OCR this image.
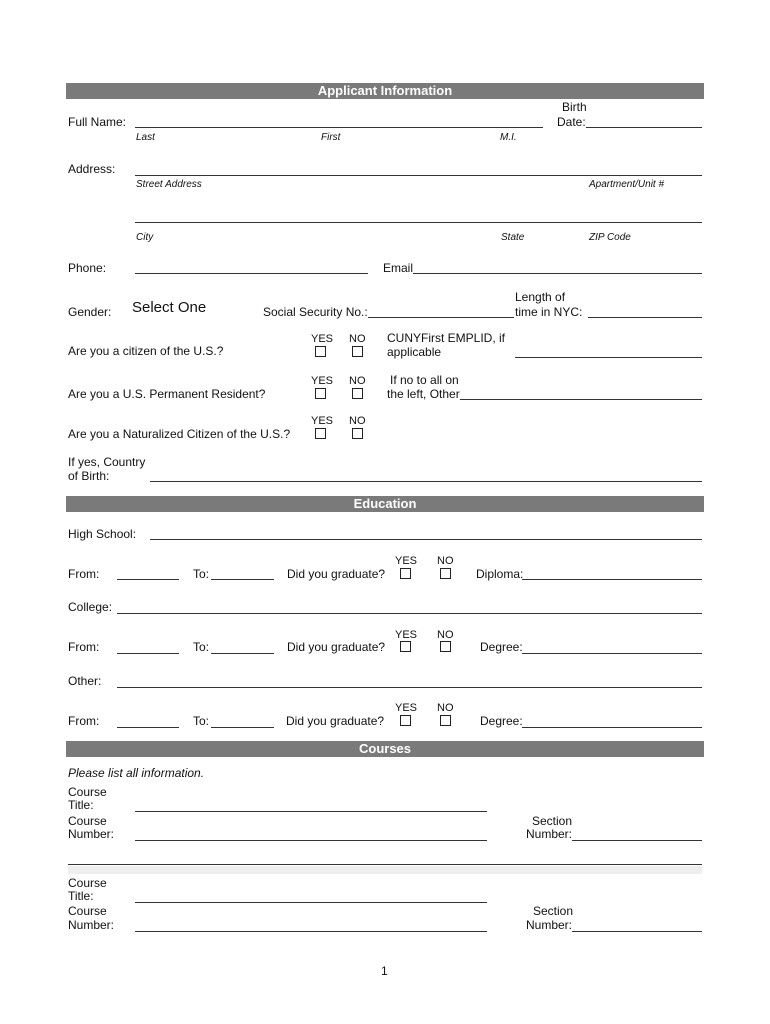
Applicant Information
Full Name:
Last	First	M.I.
Birth
Date:
Address:
Street Address	Apartment/Unit #
City	State	ZIP Code
Phone:	Email
Gender: Select One	Social Security No.:
Length of
time in NYC:
YES NO
Are you a citizen of the U.S.?
CUNYFirst EMPLID, if
applicable
YES NO
Are you a U.S. Permanent Resident?
If no to all on
the left, Other
YES NO
Are you a Naturalized Citizen of the U.S.?
If yes, Country
of Birth:
Education
High School:
From:	To:	Did you graduate?
YES NO
Diploma:
College:
From:	To:	Did you graduate?
YES NO
Degree:
Other:
From:	To:	Did you graduate?
YES NO
Degree:
Courses
Please list all information.
Course
Title:
Course
Number:
Section
Number:
Course
Title:
Course
Number:
Section
Number:
1
